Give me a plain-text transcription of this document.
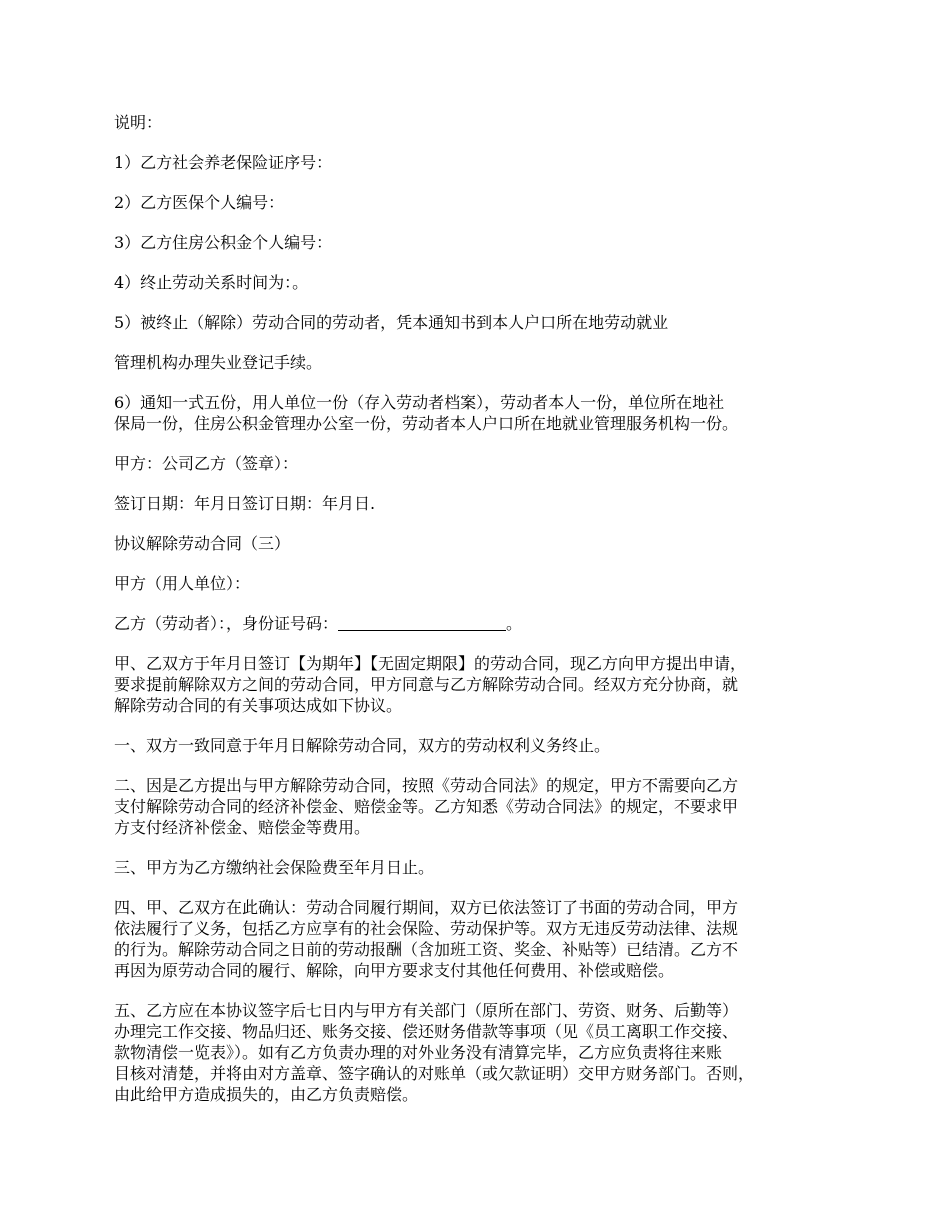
说明：

1）乙方社会养老保险证序号：

2）乙方医保个人编号：

3）乙方住房公积金个人编号：

4）终止劳动关系时间为：。

5）被终止（解除）劳动合同的劳动者，凭本通知书到本人户口所在地劳动就业

管理机构办理失业登记手续。

6）通知一式五份，用人单位一份（存入劳动者档案），劳动者本人一份，单位所在地社
保局一份，住房公积金管理办公室一份，劳动者本人户口所在地就业管理服务机构一份。

甲方：公司乙方（签章）：

签订日期：年月日签订日期：年月日.

协议解除劳动合同（三）

甲方（用人单位）：

乙方（劳动者）：，身份证号码：	。

甲、乙双方于年月日签订【为期年】【无固定期限】的劳动合同，现乙方向甲方提出申请，
要求提前解除双方之间的劳动合同，甲方同意与乙方解除劳动合同。经双方充分协商，就
解除劳动合同的有关事项达成如下协议。

一、双方一致同意于年月日解除劳动合同，双方的劳动权利义务终止。

二、因是乙方提出与甲方解除劳动合同，按照《劳动合同法》的规定，甲方不需要向乙方
支付解除劳动合同的经济补偿金、赔偿金等。乙方知悉《劳动合同法》的规定，不要求甲
方支付经济补偿金、赔偿金等费用。

三、甲方为乙方缴纳社会保险费至年月日止。

四、甲、乙双方在此确认：劳动合同履行期间，双方已依法签订了书面的劳动合同，甲方
依法履行了义务，包括乙方应享有的社会保险、劳动保护等。双方无违反劳动法律、法规
的行为。解除劳动合同之日前的劳动报酬（含加班工资、奖金、补贴等）已结清。乙方不
再因为原劳动合同的履行、解除，向甲方要求支付其他任何费用、补偿或赔偿。

五、乙方应在本协议签字后七日内与甲方有关部门（原所在部门、劳资、财务、后勤等）
办理完工作交接、物品归还、账务交接、偿还财务借款等事项（见《员工离职工作交接、
款物清偿一览表》）。如有乙方负责办理的对外业务没有清算完毕，乙方应负责将往来账
目核对清楚，并将由对方盖章、签字确认的对账单（或欠款证明）交甲方财务部门。否则，
由此给甲方造成损失的，由乙方负责赔偿。
